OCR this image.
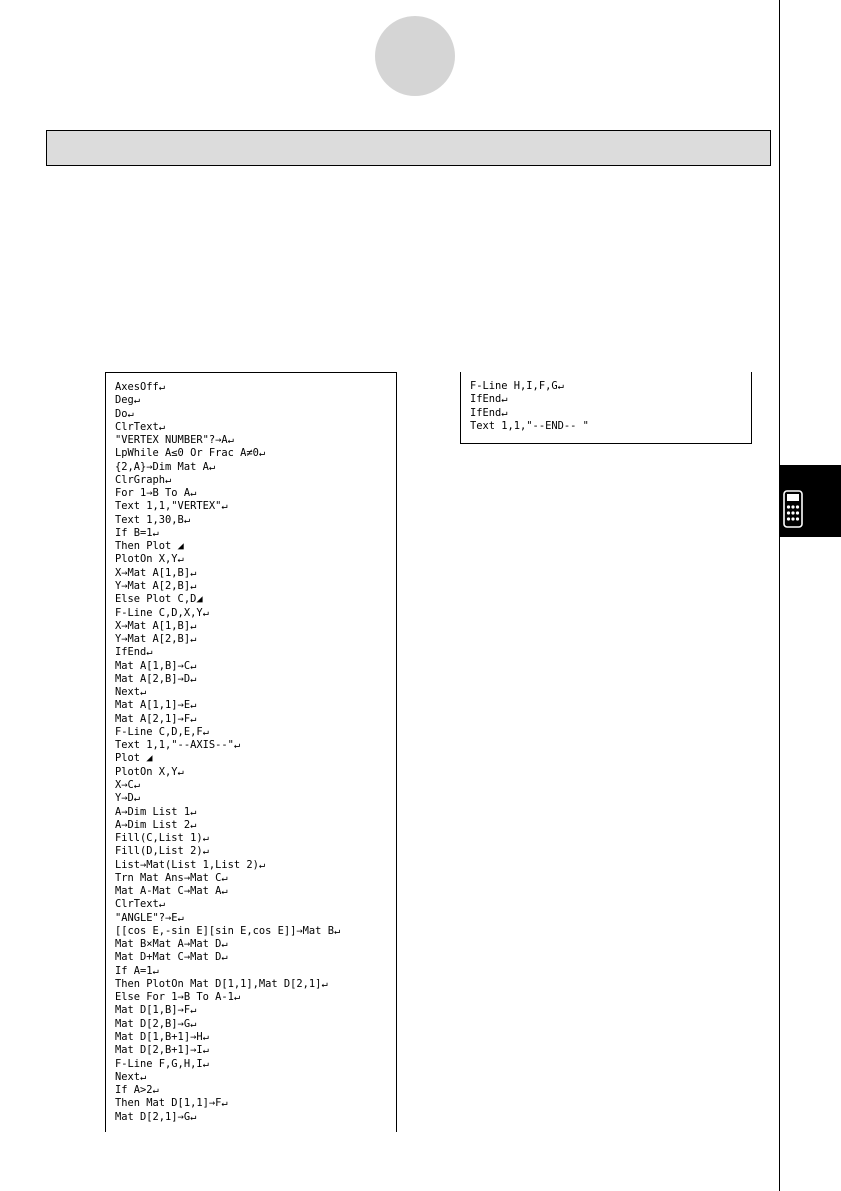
AxesOff↵
Deg↵
Do↵
ClrText↵
"VERTEX NUMBER"?→A↵
LpWhile A≤0 Or Frac A≠0↵
{2,A}→Dim Mat A↵
ClrGraph↵
For 1→B To A↵
Text 1,1,"VERTEX"↵
Text 1,30,B↵
If B=1↵
Then Plot ◢
PlotOn X,Y↵
X→Mat A[1,B]↵
Y→Mat A[2,B]↵
Else Plot C,D◢
F-Line C,D,X,Y↵
X→Mat A[1,B]↵
Y→Mat A[2,B]↵
IfEnd↵
Mat A[1,B]→C↵
Mat A[2,B]→D↵
Next↵
Mat A[1,1]→E↵
Mat A[2,1]→F↵
F-Line C,D,E,F↵
Text 1,1,"--AXIS--"↵
Plot ◢
PlotOn X,Y↵
X→C↵
Y→D↵
A→Dim List 1↵
A→Dim List 2↵
Fill(C,List 1)↵
Fill(D,List 2)↵
List→Mat(List 1,List 2)↵
Trn Mat Ans→Mat C↵
Mat A-Mat C→Mat A↵
ClrText↵
"ANGLE"?→E↵
[[cos E,-sin E][sin E,cos E]]→Mat B↵
Mat B×Mat A→Mat D↵
Mat D+Mat C→Mat D↵
If A=1↵
Then PlotOn Mat D[1,1],Mat D[2,1]↵
Else For 1→B To A-1↵
Mat D[1,B]→F↵
Mat D[2,B]→G↵
Mat D[1,B+1]→H↵
Mat D[2,B+1]→I↵
F-Line F,G,H,I↵
Next↵
If A>2↵
Then Mat D[1,1]→F↵
Mat D[2,1]→G↵
F-Line H,I,F,G↵
IfEnd↵
IfEnd↵
Text 1,1,"--END-- "
